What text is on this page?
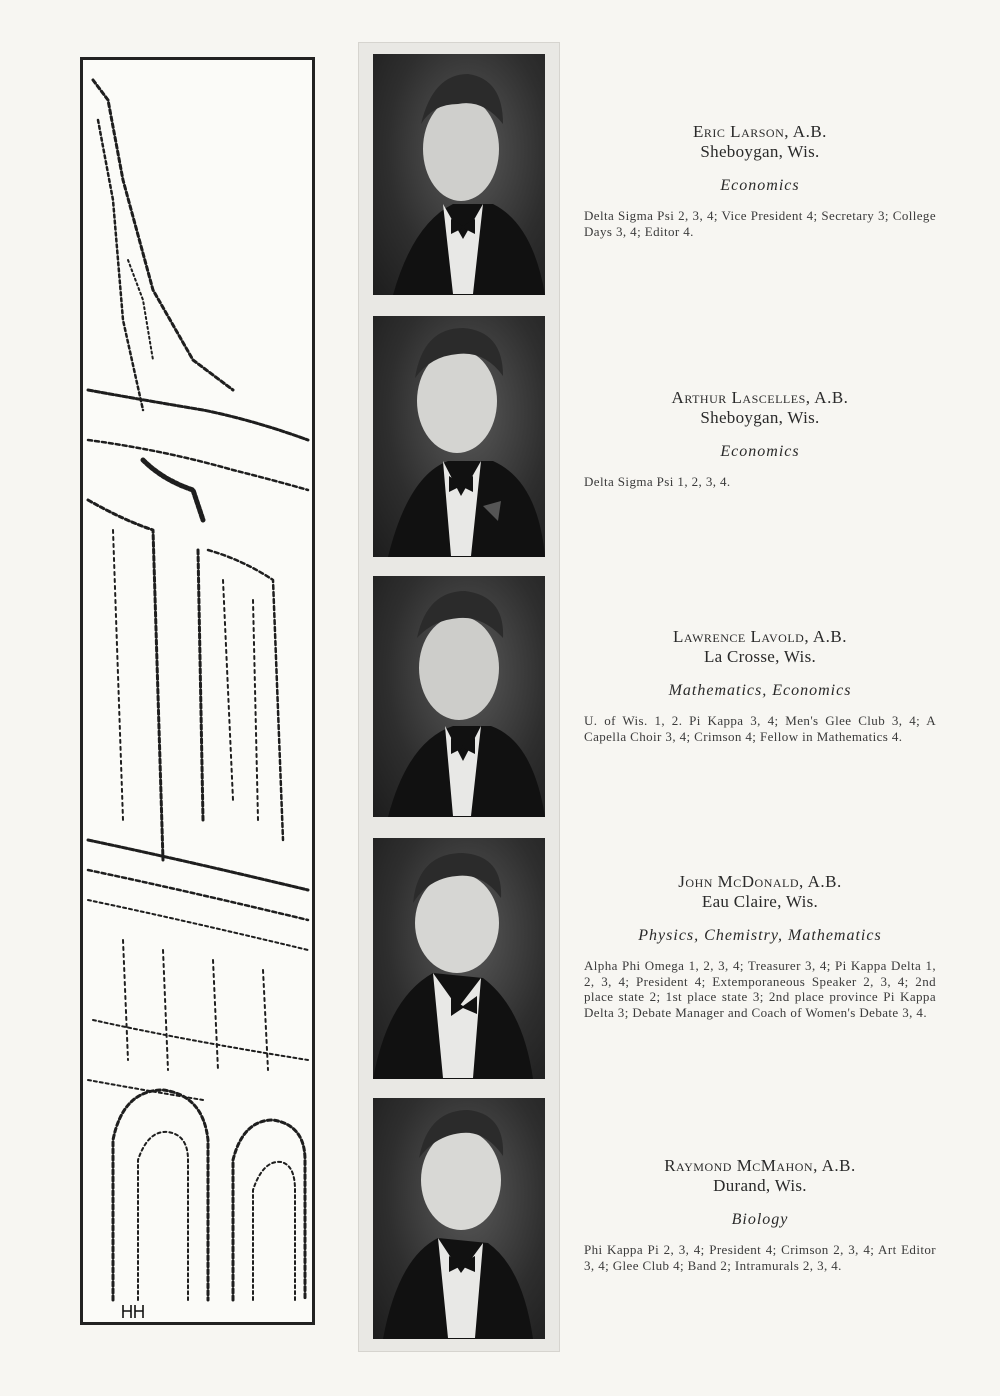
Eric Larson, A.B.
Sheboygan, Wis.
Economics
Delta Sigma Psi 2, 3, 4; Vice President 4; Secretary 3; College Days 3, 4; Editor 4.
Arthur Lascelles, A.B.
Sheboygan, Wis.
Economics
Delta Sigma Psi 1, 2, 3, 4.
Lawrence Lavold, A.B.
La Crosse, Wis.
Mathematics, Economics
U. of Wis. 1, 2. Pi Kappa 3, 4; Men's Glee Club 3, 4; A Capella Choir 3, 4; Crimson 4; Fellow in Mathematics 4.
John McDonald, A.B.
Eau Claire, Wis.
Physics, Chemistry, Mathematics
Alpha Phi Omega 1, 2, 3, 4; Treasurer 3, 4; Pi Kappa Delta 1, 2, 3, 4; President 4; Extemporaneous Speaker 2, 3, 4; 2nd place state 2; 1st place state 3; 2nd place province Pi Kappa Delta 3; Debate Manager and Coach of Women's Debate 3, 4.
Raymond McMahon, A.B.
Durand, Wis.
Biology
Phi Kappa Pi 2, 3, 4; President 4; Crimson 2, 3, 4; Art Editor 3, 4; Glee Club 4; Band 2; Intramurals 2, 3, 4.
